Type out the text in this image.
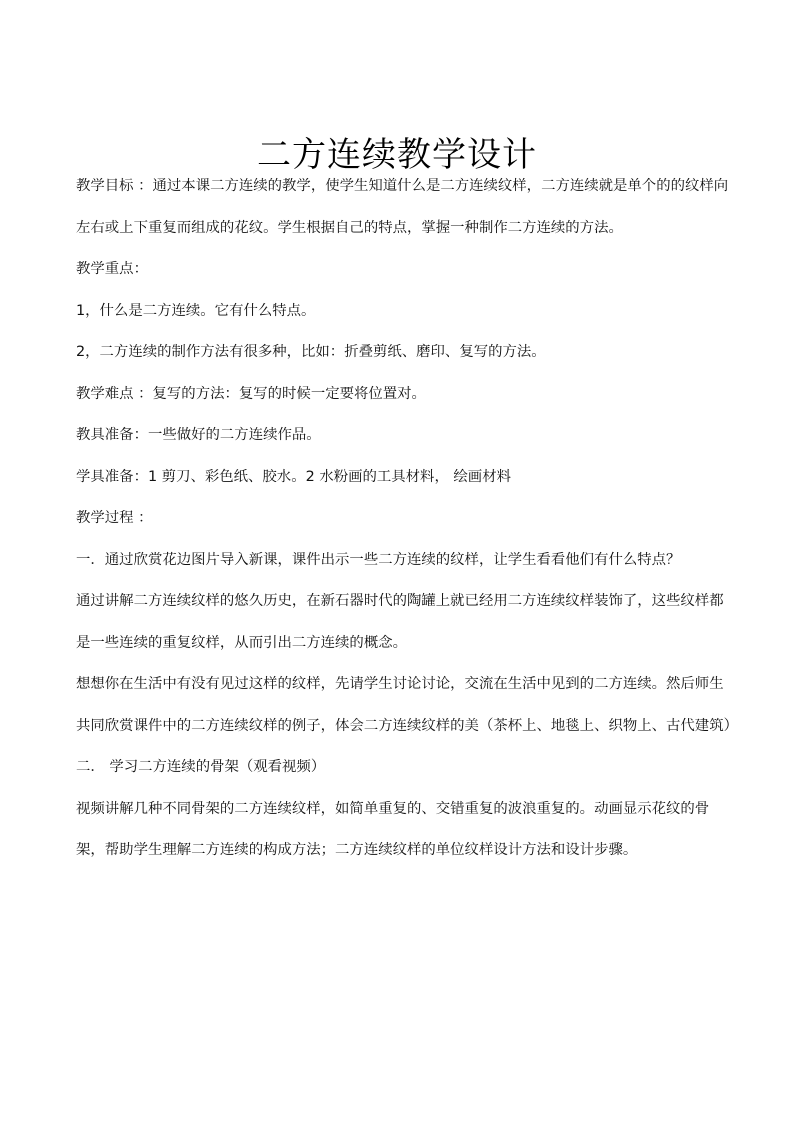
二方连续教学设计

教学目标 ：通过本课二方连续的教学，使学生知道什么是二方连续纹样，二方连续就是单个的的纹样向左右或上下重复而组成的花纹。学生根据自己的特点，掌握一种制作二方连续的方法。

教学重点：

1，什么是二方连续。它有什么特点。

2，二方连续的制作方法有很多种，比如：折叠剪纸、磨印、复写的方法。

教学难点 ：复写的方法：复写的时候一定要将位置对。

教具准备：一些做好的二方连续作品。

学具准备：1 剪刀、彩色纸、胶水。2 水粉画的工具材料， 绘画材料

教学过程 ：

一．通过欣赏花边图片导入新课，课件出示一些二方连续的纹样，让学生看看他们有什么特点？

通过讲解二方连续纹样的悠久历史，在新石器时代的陶罐上就已经用二方连续纹样装饰了，这些纹样都是一些连续的重复纹样，从而引出二方连续的概念。

想想你在生活中有没有见过这样的纹样，先请学生讨论讨论，交流在生活中见到的二方连续。然后师生共同欣赏课件中的二方连续纹样的例子，体会二方连续纹样的美（茶杯上、地毯上、织物上、古代建筑）

二． 学习二方连续的骨架（观看视频）

视频讲解几种不同骨架的二方连续纹样，如简单重复的、交错重复的波浪重复的。动画显示花纹的骨架，帮助学生理解二方连续的构成方法；二方连续纹样的单位纹样设计方法和设计步骤。
